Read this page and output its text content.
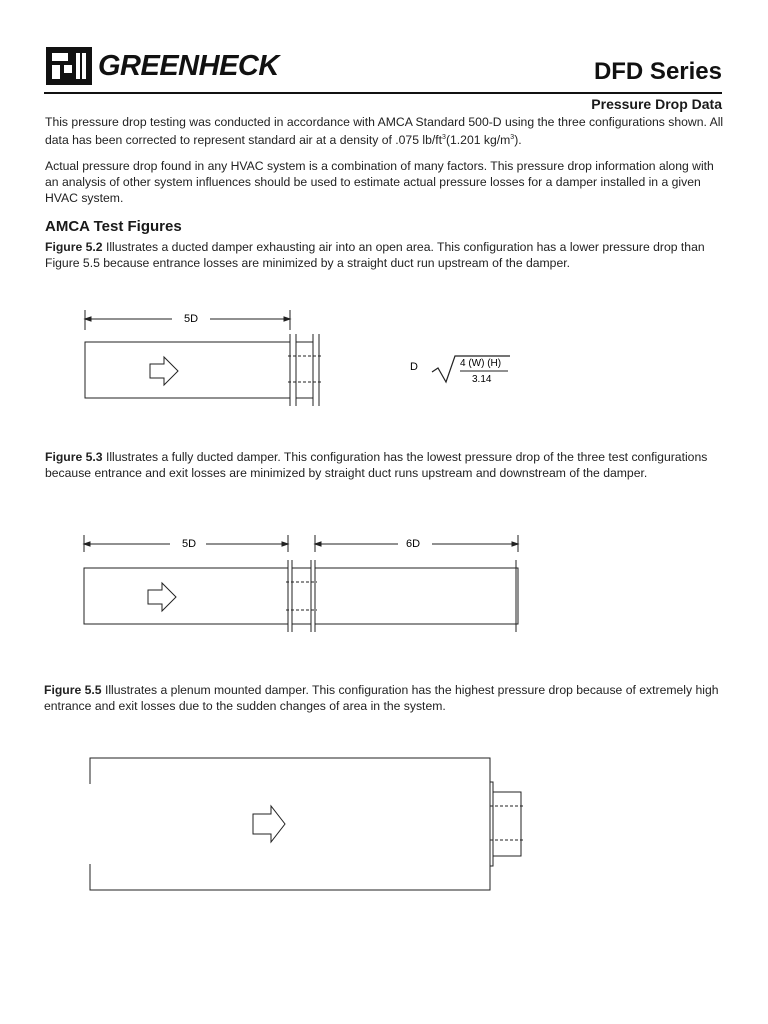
GREENHECK	DFD Series
Pressure Drop Data
This pressure drop testing was conducted in accordance with AMCA Standard 500-D using the three configurations shown. All data has been corrected to represent standard air at a density of .075 $lb/ft^3(1.201$ $kg/m^3$).
Actual pressure drop found in any HVAC system is a combination of many factors. This pressure drop information along with an analysis of other system influences should be used to estimate actual pressure losses for a damper installed in a given HVAC system.
AMCA Test Figures
Figure 5.2 Illustrates a ducted damper exhausting air into an open area. This configuration has a lower pressure drop than Figure 5.5 because entrance losses are minimized by a straight duct run upstream of the damper.
5D
D	4 (W) (H)
3.14
Figure 5.3 Illustrates a fully ducted damper. This configuration has the lowest pressure drop of the three test configurations because entrance and exit losses are minimized by straight duct runs upstream and downstream of the damper.
5D	6D
Figure 5.5 Illustrates a plenum mounted damper. This configuration has the highest pressure drop because of extremely high entrance and exit losses due to the sudden changes of area in the system.
